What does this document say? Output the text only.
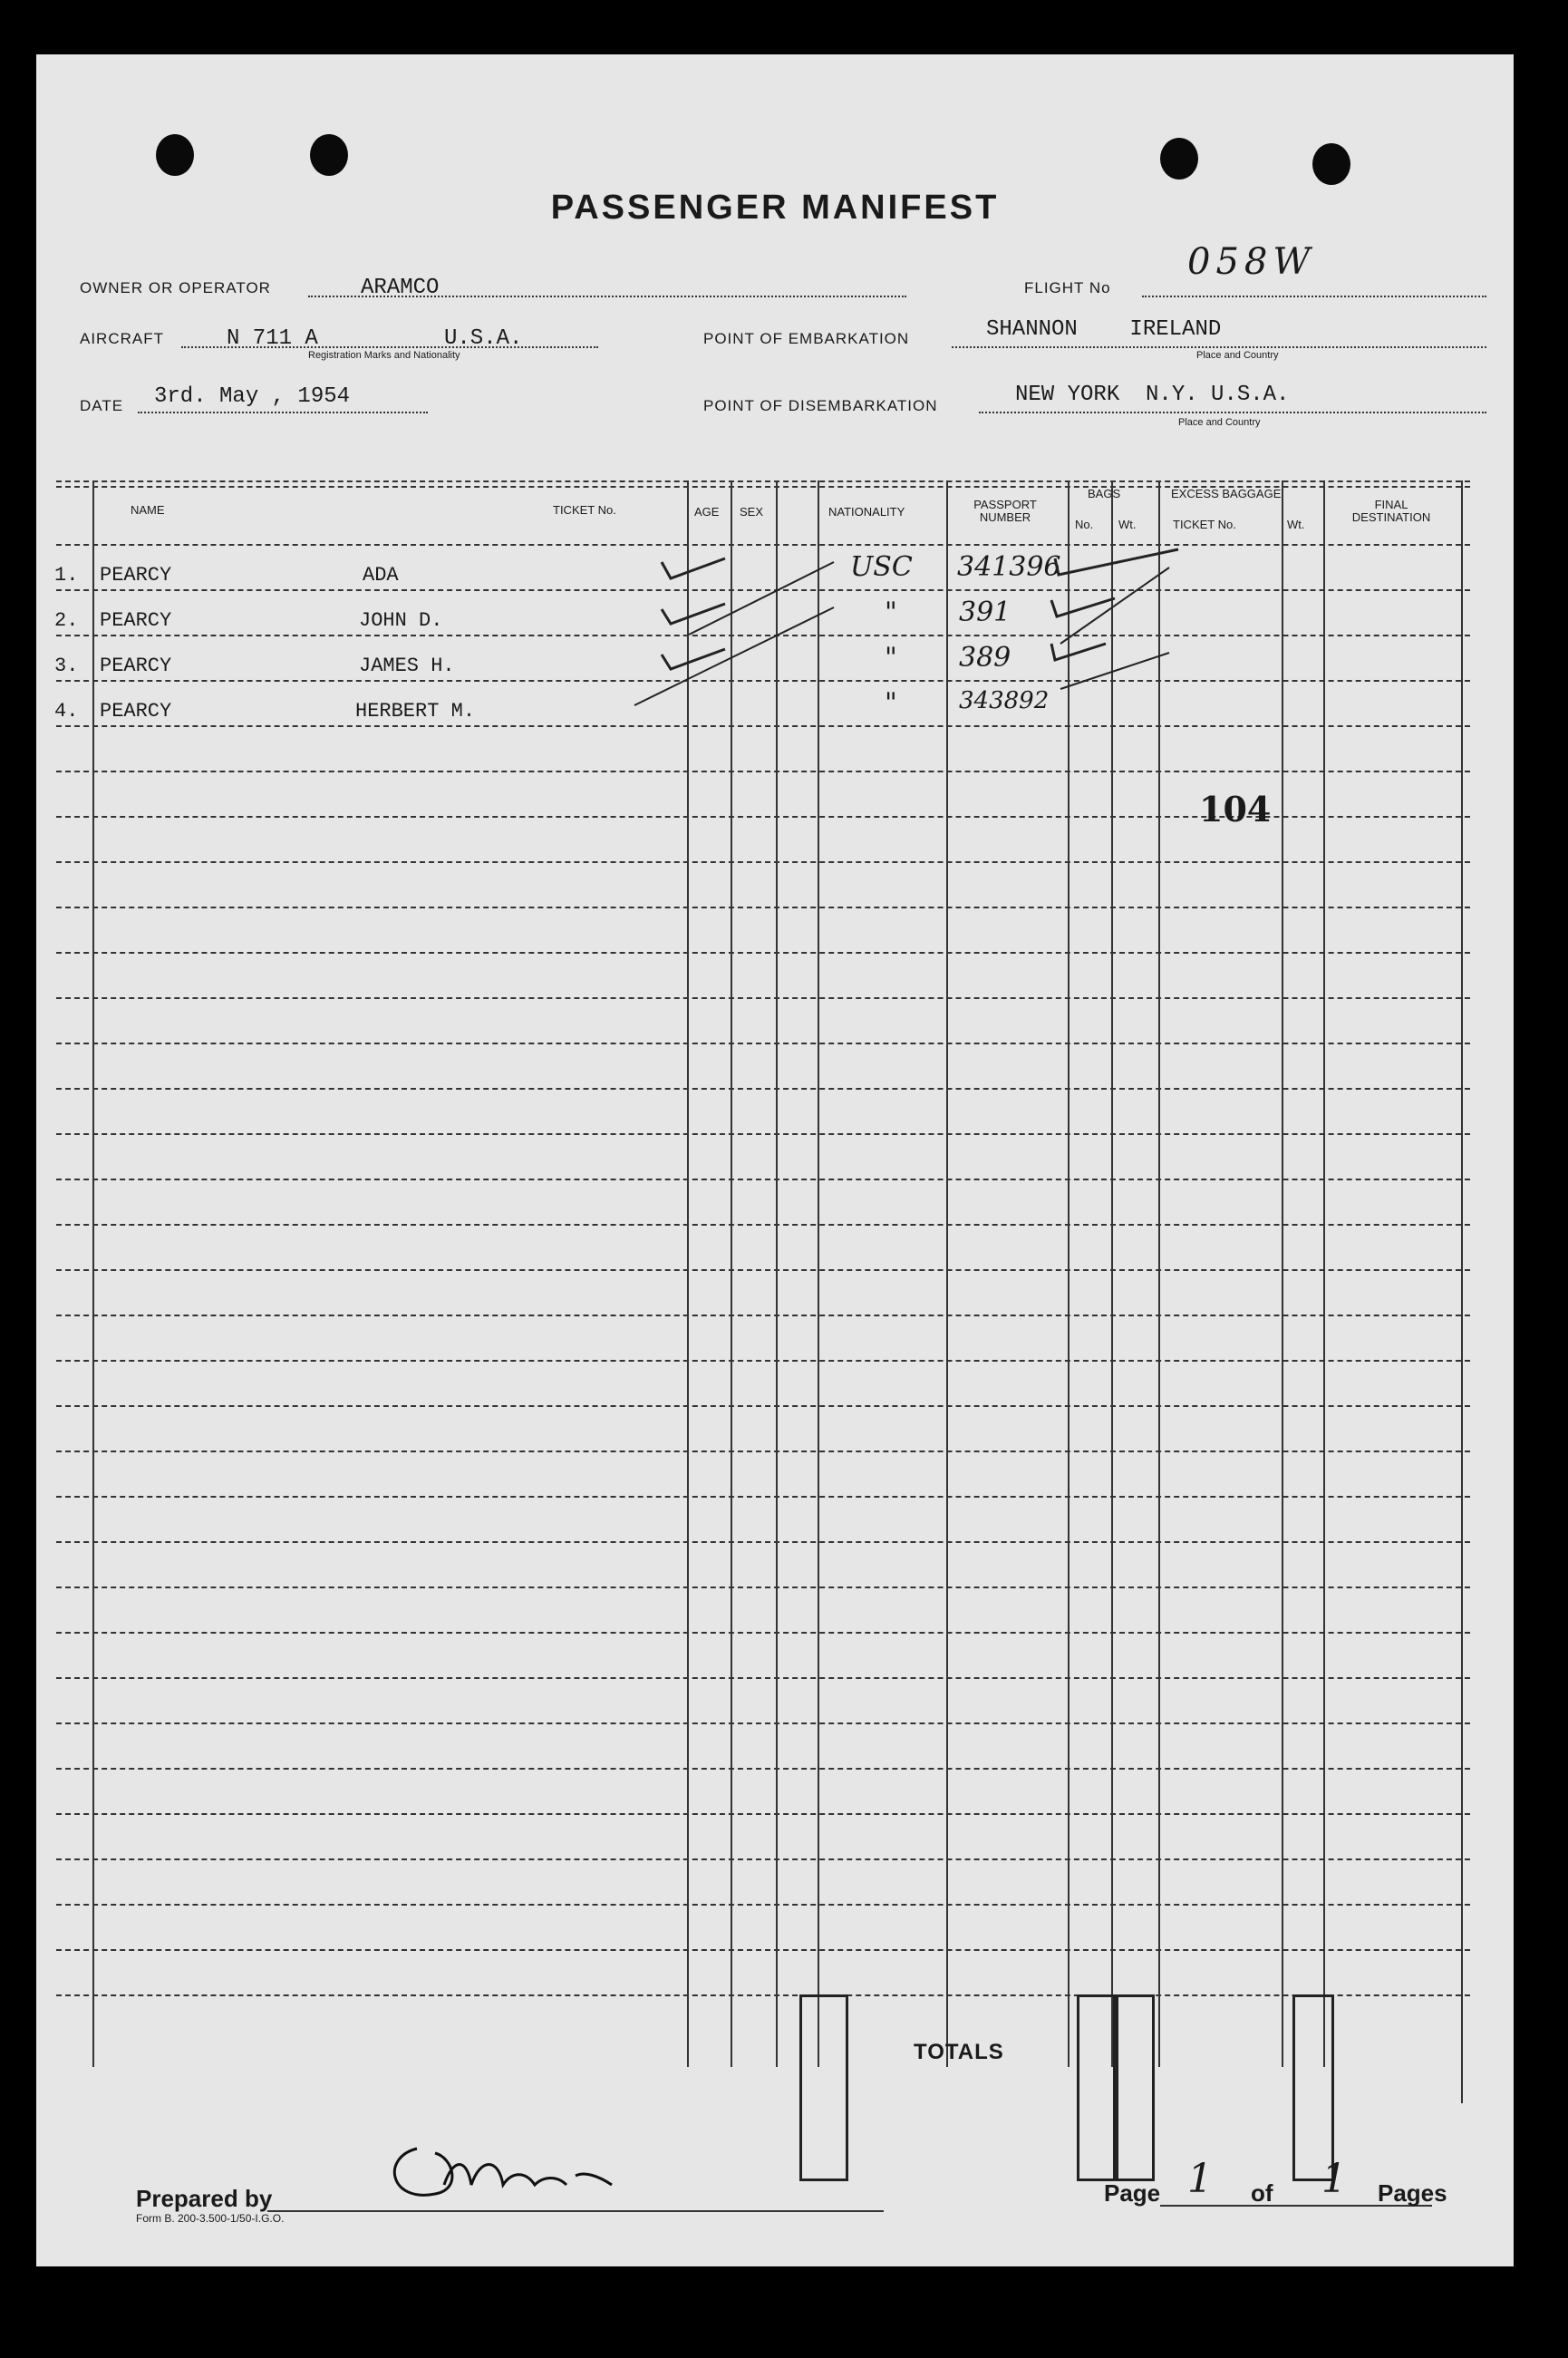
PASSENGER MANIFEST
OWNER OR OPERATOR	ARAMCO	FLIGHT No
058W
AIRCRAFT	N 711 A	U.S.A.
Registration Marks and Nationality
POINT OF EMBARKATION	SHANNON    IRELAND
Place and Country
DATE 3rd. May , 1954	POINT OF DISEMBARKATION	NEW YORK  N.Y. U.S.A.
Place and Country
NAME	TICKET No.	AGE SEX	NATIONALITY
PASSPORT NUMBER
BAGS
No. Wt.
EXCESS BAGGAGE
TICKET No.	Wt.
FINAL DESTINATION
1. PEARCY	ADA	USC 341396
2. PEARCY	JOHN D.	" 391
3. PEARCY	JAMES H.	" 389
4. PEARCY	HERBERT M.	"	343892
104
TOTALS
Prepared by	Page 1 of 1 Pages
Form B. 200-3.500-1/50-I.G.O.
